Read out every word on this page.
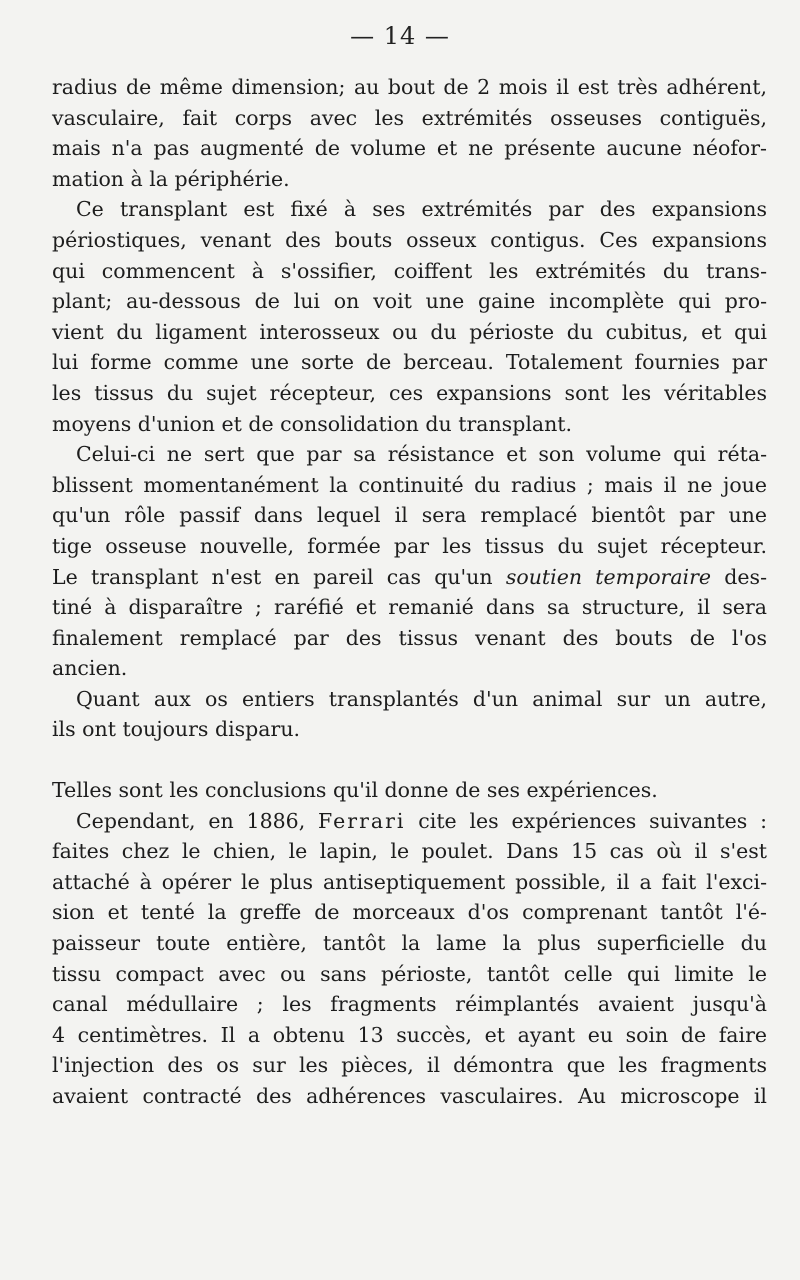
— 14 —
radius de même dimension; au bout de 2 mois il est très adhérent,
vasculaire, fait corps avec les extrémités osseuses contiguës,
mais n'a pas augmenté de volume et ne présente aucune néofor-
mation à la périphérie.
Ce transplant est fixé à ses extrémités par des expansions
périostiques, venant des bouts osseux contigus. Ces expansions
qui commencent à s'ossifier, coiffent les extrémités du trans-
plant; au-dessous de lui on voit une gaine incomplète qui pro-
vient du ligament interosseux ou du périoste du cubitus, et qui
lui forme comme une sorte de berceau. Totalement fournies par
les tissus du sujet récepteur, ces expansions sont les véritables
moyens d'union et de consolidation du transplant.
Celui-ci ne sert que par sa résistance et son volume qui réta-
blissent momentanément la continuité du radius ; mais il ne joue
qu'un rôle passif dans lequel il sera remplacé bientôt par une
tige osseuse nouvelle, formée par les tissus du sujet récepteur.
Le transplant n'est en pareil cas qu'un soutien temporaire des-
tiné à disparaître ; raréfié et remanié dans sa structure, il sera
finalement remplacé par des tissus venant des bouts de l'os
ancien.
Quant aux os entiers transplantés d'un animal sur un autre,
ils ont toujours disparu.
Telles sont les conclusions qu'il donne de ses expériences.
Cependant, en 1886, Ferrari cite les expériences suivantes :
faites chez le chien, le lapin, le poulet. Dans 15 cas où il s'est
attaché à opérer le plus antiseptiquement possible, il a fait l'exci-
sion et tenté la greffe de morceaux d'os comprenant tantôt l'é-
paisseur toute entière, tantôt la lame la plus superficielle du
tissu compact avec ou sans périoste, tantôt celle qui limite le
canal médullaire ; les fragments réimplantés avaient jusqu'à
4 centimètres. Il a obtenu 13 succès, et ayant eu soin de faire
l'injection des os sur les pièces, il démontra que les fragments
avaient contracté des adhérences vasculaires. Au microscope il
